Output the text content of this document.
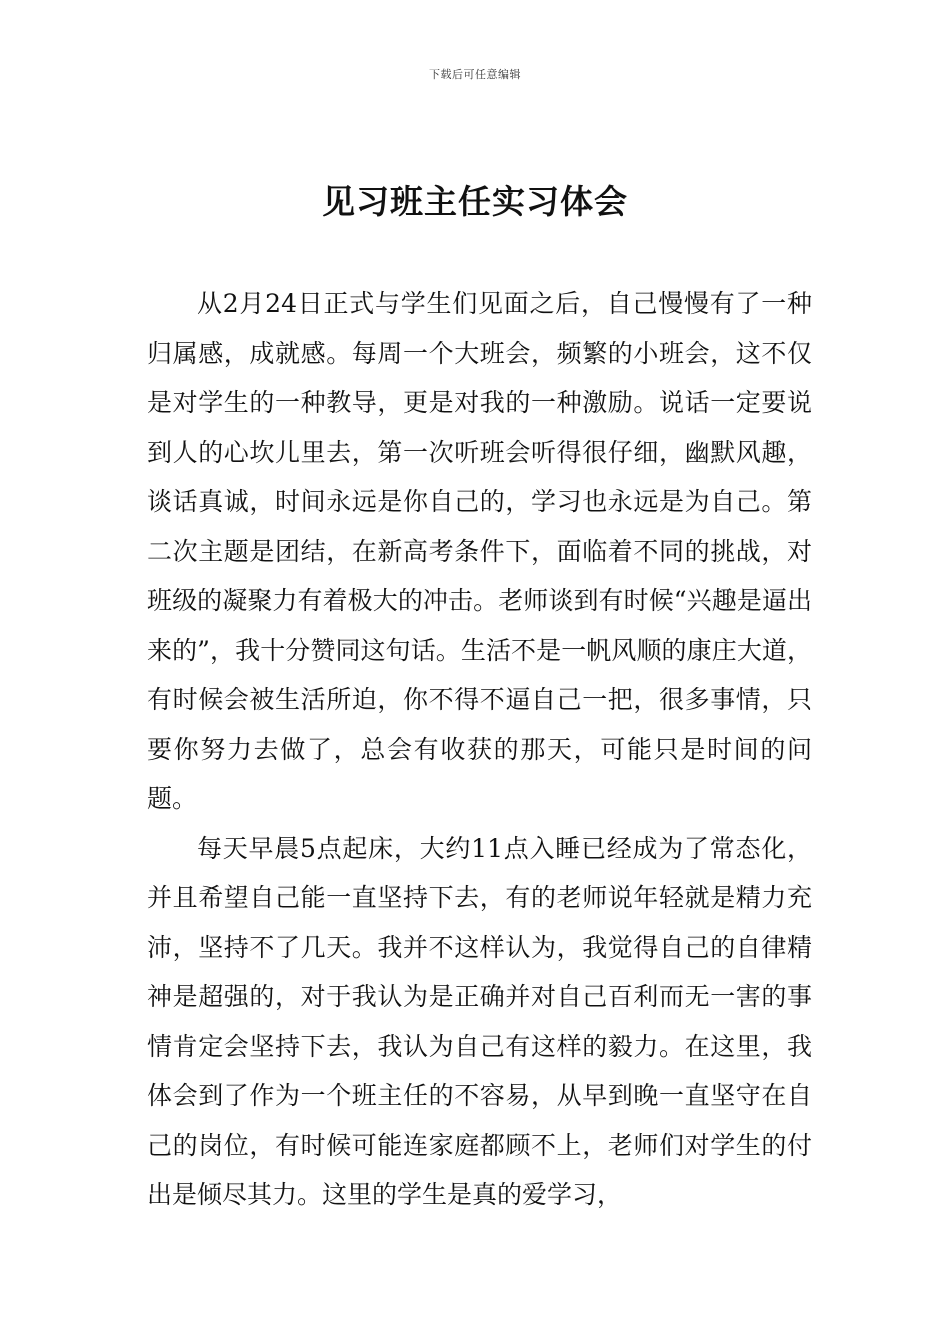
下载后可任意编辑
见习班主任实习体会

从2月24日正式与学生们见面之后，自己慢慢有了一种归属感，成就感。每周一个大班会，频繁的小班会，这不仅是对学生的一种教导，更是对我的一种激励。说话一定要说到人的心坎儿里去，第一次听班会听得很仔细，幽默风趣，谈话真诚，时间永远是你自己的，学习也永远是为自己。第二次主题是团结，在新高考条件下，面临着不同的挑战，对班级的凝聚力有着极大的冲击。老师谈到有时候“兴趣是逼出来的”，我十分赞同这句话。生活不是一帆风顺的康庄大道，有时候会被生活所迫，你不得不逼自己一把，很多事情，只要你努力去做了，总会有收获的那天，可能只是时间的问题。

每天早晨5点起床，大约11点入睡已经成为了常态化，并且希望自己能一直坚持下去，有的老师说年轻就是精力充沛，坚持不了几天。我并不这样认为，我觉得自己的自律精神是超强的，对于我认为是正确并对自己百利而无一害的事情肯定会坚持下去，我认为自己有这样的毅力。在这里，我体会到了作为一个班主任的不容易，从早到晚一直坚守在自己的岗位，有时候可能连家庭都顾不上，老师们对学生的付出是倾尽其力。这里的学生是真的爱学习，
